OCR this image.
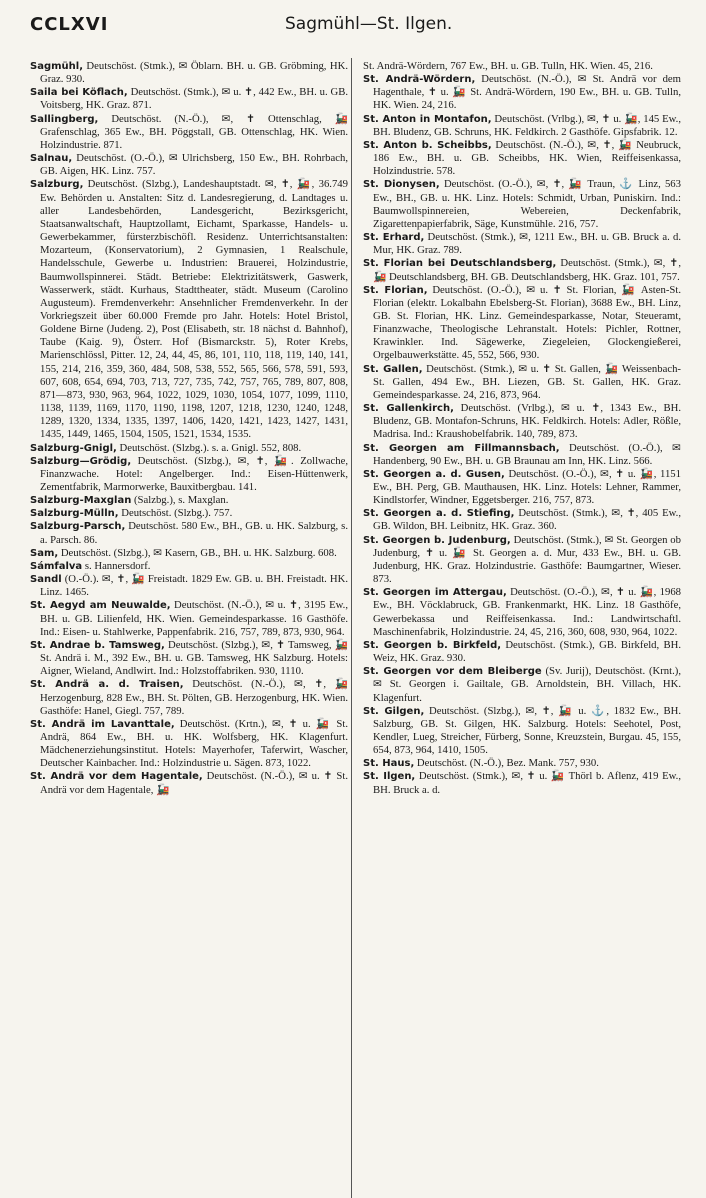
CCLXVI	Sagmühl—St. Ilgen.
Sagmühl, Deutschöst. (Stmk.), ✉ Öblarn. BH. u. GB. Gröbming, HK. Graz. 930.
Saila bei Köflach, Deutschöst. (Stmk.), ✉ u. ✝, 442 Ew., BH. u. GB. Voitsberg, HK. Graz. 871.
Sallingberg, Deutschöst. (N.-Ö.), ✉, ✝ Ottenschlag, 🚂 Grafenschlag, 365 Ew., BH. Pöggstall, GB. Ottenschlag, HK. Wien. Holzindustrie. 871.
Salnau, Deutschöst. (O.-Ö.), ✉ Ulrichsberg, 150 Ew., BH. Rohrbach, GB. Aigen, HK. Linz. 757.
Salzburg, Deutschöst. (Slzbg.), Landeshauptstadt. ✉, ✝, 🚂, 36.749 Ew. Behörden u. Anstalten: Sitz d. Landesregierung, d. Landtages u. aller Landesbehörden, Landesgericht, Bezirksgericht, Staatsanwaltschaft, Hauptzollamt, Eichamt, Sparkasse, Handels- u. Gewerbekammer, fürsterzbischöfl. Residenz. Unterrichtsanstalten: Mozarteum, (Konservatorium), 2 Gymnasien, 1 Realschule, Handelsschule, Gewerbe u. Industrien: Brauerei, Holzindustrie, Baumwollspinnerei. Städt. Betriebe: Elektrizitätswerk, Gaswerk, Wasserwerk, städt. Kurhaus, Stadttheater, städt. Museum (Carolino Augusteum). Fremdenverkehr: Ansehnlicher Fremdenverkehr. In der Vorkriegszeit über 60.000 Fremde pro Jahr. Hotels: Hotel Bristol, Goldene Birne (Judeng. 2), Post (Elisabeth, str. 18 nächst d. Bahnhof), Taube (Kaig. 9), Österr. Hof (Bismarckstr. 5), Roter Krebs, Marienschlössl, Pitter. 12, 24, 44, 45, 86, 101, 110, 118, 119, 140, 141, 155, 214, 216, 359, 360, 484, 508, 538, 552, 565, 566, 578, 591, 593, 607, 608, 654, 694, 703, 713, 727, 735, 742, 757, 765, 789, 807, 808, 871—873, 930, 963, 964, 1022, 1029, 1030, 1054, 1077, 1099, 1110, 1138, 1139, 1169, 1170, 1190, 1198, 1207, 1218, 1230, 1240, 1248, 1289, 1320, 1334, 1335, 1397, 1406, 1420, 1421, 1423, 1427, 1431, 1435, 1449, 1465, 1504, 1505, 1521, 1534, 1535.
Salzburg-Gnigl, Deutschöst. (Slzbg.). s. a. Gnigl. 552, 808.
Salzburg—Grödig, Deutschöst. (Slzbg.), ✉, ✝, 🚂. Zollwache, Finanzwache. Hotel: Angelberger. Ind.: Eisen-Hüttenwerk, Zementfabrik, Marmorwerke, Bauxitbergbau. 141.
Salzburg-Maxglan (Salzbg.), s. Maxglan.
Salzburg-Mülln, Deutschöst. (Slzbg.). 757.
Salzburg-Parsch, Deutschöst. 580 Ew., BH., GB. u. HK. Salzburg, s. a. Parsch. 86.
Sam, Deutschöst. (Slzbg.), ✉ Kasern, GB., BH. u. HK. Salzburg. 608.
Sámfalva s. Hannersdorf.
Sandl (O.-Ö.). ✉, ✝, 🚂 Freistadt. 1829 Ew. GB. u. BH. Freistadt. HK. Linz. 1465.
St. Aegyd am Neuwalde, Deutschöst. (N.-Ö.), ✉ u. ✝, 3195 Ew., BH. u. GB. Lilienfeld, HK. Wien. Gemeindesparkasse. 16 Gasthöfe. Ind.: Eisen- u. Stahlwerke, Pappenfabrik. 216, 757, 789, 873, 930, 964.
St. Andrae b. Tamsweg, Deutschöst. (Slzbg.), ✉, ✝ Tamsweg, 🚂 St. Andrä i. M., 392 Ew., BH. u. GB. Tamsweg, HK Salzburg. Hotels: Aigner, Wieland, Andlwirt. Ind.: Holzstoffabriken. 930, 1110.
St. Andrä a. d. Traisen, Deutschöst. (N.-Ö.), ✉, ✝, 🚂 Herzogenburg, 828 Ew., BH. St. Pölten, GB. Herzogenburg, HK. Wien. Gasthöfe: Hanel, Giegl. 757, 789.
St. Andrä im Lavanttale, Deutschöst. (Krtn.), ✉, ✝ u. 🚂 St. Andrä, 864 Ew., BH. u. HK. Wolfsberg, HK. Klagenfurt. Mädchenerziehungsinstitut. Hotels: Mayerhofer, Taferwirt, Wascher, Deutscher Kainbacher. Ind.: Holzindustrie u. Sägen. 873, 1022.
St. Andrä vor dem Hagentale, Deutschöst. (N.-Ö.), ✉ u. ✝ St. Andrä vor dem Hagentale, 🚂
St. Andrä-Wördern, 767 Ew., BH. u. GB. Tulln, HK. Wien. 45, 216.
St. Andrä-Wördern, Deutschöst. (N.-Ö.), ✉ St. Andrä vor dem Hagenthale, ✝ u. 🚂 St. Andrä-Wördern, 190 Ew., BH. u. GB. Tulln, HK. Wien. 24, 216.
St. Anton in Montafon, Deutschöst. (Vrlbg.), ✉, ✝ u. 🚂, 145 Ew., BH. Bludenz, GB. Schruns, HK. Feldkirch. 2 Gasthöfe. Gipsfabrik. 12.
St. Anton b. Scheibbs, Deutschöst. (N.-Ö.), ✉, ✝, 🚂 Neubruck, 186 Ew., BH. u. GB. Scheibbs, HK. Wien, Reiffeisenkassa, Holzindustrie. 578.
St. Dionysen, Deutschöst. (O.-Ö.), ✉, ✝, 🚂 Traun, ⚓ Linz, 563 Ew., BH., GB. u. HK. Linz. Hotels: Schmidt, Urban, Puniskirn. Ind.: Baumwollspinnereien, Webereien, Deckenfabrik, Zigarettenpapierfabrik, Säge, Kunstmühle. 216, 757.
St. Erhard, Deutschöst. (Stmk.), ✉, 1211 Ew., BH. u. GB. Bruck a. d. Mur, HK. Graz. 789.
St. Florian bei Deutschlandsberg, Deutschöst. (Stmk.), ✉, ✝, 🚂 Deutschlandsberg, BH. GB. Deutschlandsberg, HK. Graz. 101, 757.
St. Florian, Deutschöst. (O.-Ö.), ✉ u. ✝ St. Florian, 🚂 Asten-St. Florian (elektr. Lokalbahn Ebelsberg-St. Florian), 3688 Ew., BH. Linz, GB. St. Florian, HK. Linz. Gemeindesparkasse, Notar, Steueramt, Finanzwache, Theologische Lehranstalt. Hotels: Pichler, Rottner, Krawinkler. Ind. Sägewerke, Ziegeleien, Glockengießerei, Orgelbauwerkstätte. 45, 552, 566, 930.
St. Gallen, Deutschöst. (Stmk.), ✉ u. ✝ St. Gallen, 🚂 Weissenbach-St. Gallen, 494 Ew., BH. Liezen, GB. St. Gallen, HK. Graz. Gemeindesparkasse. 24, 216, 873, 964.
St. Gallenkirch, Deutschöst. (Vrlbg.), ✉ u. ✝, 1343 Ew., BH. Bludenz, GB. Montafon-Schruns, HK. Feldkirch. Hotels: Adler, Rößle, Madrisa. Ind.: Kraushobelfabrik. 140, 789, 873.
St. Georgen am Fillmannsbach, Deutschöst. (O.-Ö.), ✉ Handenberg, 90 Ew., BH. u. GB Braunau am Inn, HK. Linz. 566.
St. Georgen a. d. Gusen, Deutschöst. (O.-Ö.), ✉, ✝ u. 🚂, 1151 Ew., BH. Perg, GB. Mauthausen, HK. Linz. Hotels: Lehner, Rammer, Kindlstorfer, Windner, Eggetsberger. 216, 757, 873.
St. Georgen a. d. Stiefing, Deutschöst. (Stmk.), ✉, ✝, 405 Ew., GB. Wildon, BH. Leibnitz, HK. Graz. 360.
St. Georgen b. Judenburg, Deutschöst. (Stmk.), ✉ St. Georgen ob Judenburg, ✝ u. 🚂 St. Georgen a. d. Mur, 433 Ew., BH. u. GB. Judenburg, HK. Graz. Holzindustrie. Gasthöfe: Baumgartner, Wieser. 873.
St. Georgen im Attergau, Deutschöst. (O.-Ö.), ✉, ✝ u. 🚂, 1968 Ew., BH. Vöcklabruck, GB. Frankenmarkt, HK. Linz. 18 Gasthöfe, Gewerbekassa und Reiffeisenkassa. Ind.: Landwirtschaftl. Maschinenfabrik, Holzindustrie. 24, 45, 216, 360, 608, 930, 964, 1022.
St. Georgen b. Birkfeld, Deutschöst. (Stmk.), GB. Birkfeld, BH. Weiz, HK. Graz. 930.
St. Georgen vor dem Bleiberge (Sv. Jurij), Deutschöst. (Krnt.), ✉ St. Georgen i. Gailtale, GB. Arnoldstein, BH. Villach, HK. Klagenfurt.
St. Gilgen, Deutschöst. (Slzbg.), ✉, ✝, 🚂 u. ⚓, 1832 Ew., BH. Salzburg, GB. St. Gilgen, HK. Salzburg. Hotels: Seehotel, Post, Kendler, Lueg, Streicher, Fürberg, Sonne, Kreuzstein, Burgau. 45, 155, 654, 873, 964, 1410, 1505.
St. Haus, Deutschöst. (N.-Ö.), Bez. Mank. 757, 930.
St. Ilgen, Deutschöst. (Stmk.), ✉, ✝ u. 🚂 Thörl b. Aflenz, 419 Ew., BH. Bruck a. d.
